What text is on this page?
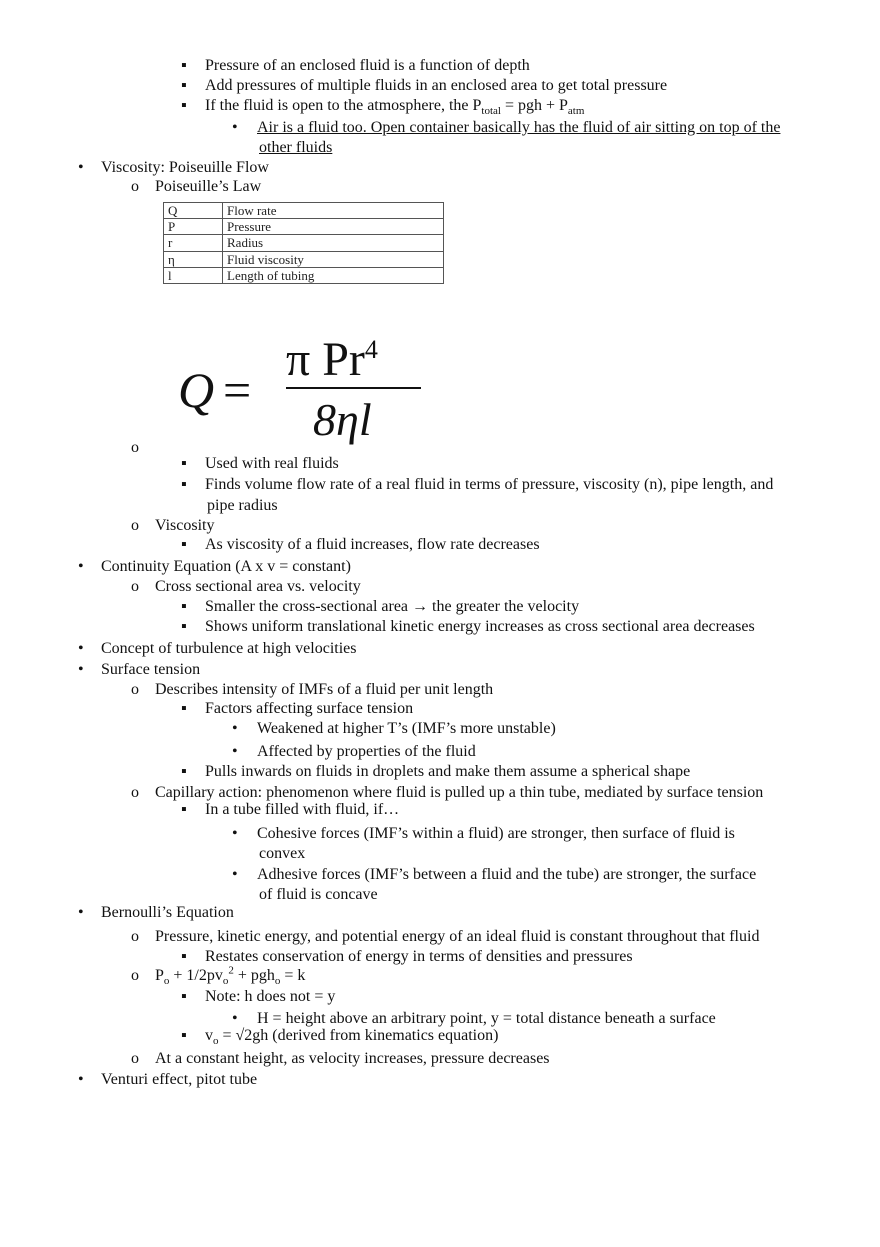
▪ Pressure of an enclosed fluid is a function of depth
▪ Add pressures of multiple fluids in an enclosed area to get total pressure
▪ If the fluid is open to the atmosphere, the $P_{total}$ = pgh + $P_{atm}$
• Air is a fluid too. Open container basically has the fluid of air sitting on top of the
other fluids
• Viscosity: Poiseuille Flow
o Poiseuille’s Law
Q	Flow rate
P	Pressure
r	Radius
η	Fluid viscosity
l	Length of tubing
Q =
π Pr$^4$
8ηl
o
▪ Used with real fluids
▪ Finds volume flow rate of a real fluid in terms of pressure, viscosity (n), pipe length, and
pipe radius
o Viscosity
▪ As viscosity of a fluid increases, flow rate decreases
• Continuity Equation (A x v = constant)
o Cross sectional area vs. velocity
▪ Smaller the cross-sectional area → the greater the velocity
▪ Shows uniform translational kinetic energy increases as cross sectional area decreases
• Concept of turbulence at high velocities
• Surface tension
o Describes intensity of IMFs of a fluid per unit length
▪ Factors affecting surface tension
• Weakened at higher T’s (IMF’s more unstable)
• Affected by properties of the fluid
▪ Pulls inwards on fluids in droplets and make them assume a spherical shape
o Capillary action: phenomenon where fluid is pulled up a thin tube, mediated by surface tension
▪ In a tube filled with fluid, if…
• Cohesive forces (IMF’s within a fluid) are stronger, then surface of fluid is
convex
• Adhesive forces (IMF’s between a fluid and the tube) are stronger, the surface
of fluid is concave
• Bernoulli’s Equation
o Pressure, kinetic energy, and potential energy of an ideal fluid is constant throughout that fluid
▪ Restates conservation of energy in terms of densities and pressures
o $P_o + 1/2pv_o^2 + pgh_o = k$
▪ Note: h does not = y
• H = height above an arbitrary point, y = total distance beneath a surface
▪ $v_o = √2gh$ (derived from kinematics equation)
o At a constant height, as velocity increases, pressure decreases
• Venturi effect, pitot tube
